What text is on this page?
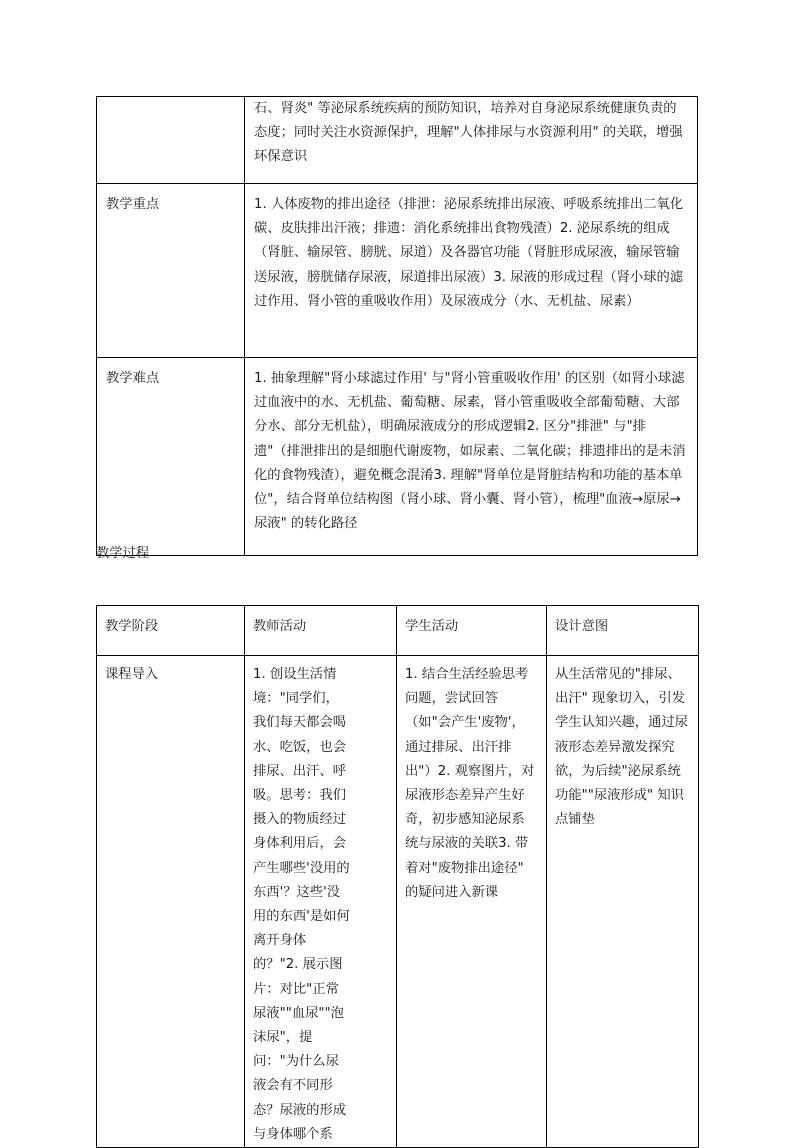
	石、肾炎" 等泌尿系统疾病的预防知识，培养对自身泌尿系统健康负责的态度；同时关注水资源保护，理解"人体排尿与水资源利用" 的关联，增强环保意识
教学重点	1. 人体废物的排出途径（排泄：泌尿系统排出尿液、呼吸系统排出二氧化碳、皮肤排出汗液；排遗：消化系统排出食物残渣）2. 泌尿系统的组成（肾脏、输尿管、膀胱、尿道）及各器官功能（肾脏形成尿液，输尿管输送尿液，膀胱储存尿液，尿道排出尿液）3. 尿液的形成过程（肾小球的滤过作用、肾小管的重吸收作用）及尿液成分（水、无机盐、尿素）
教学难点	1. 抽象理解"肾小球滤过作用' 与"肾小管重吸收作用' 的区别（如肾小球滤过血液中的水、无机盐、葡萄糖、尿素，肾小管重吸收全部葡萄糖、大部分水、部分无机盐），明确尿液成分的形成逻辑2. 区分"排泄" 与"排遗"（排泄排出的是细胞代谢废物，如尿素、二氧化碳；排遗排出的是未消化的食物残渣），避免概念混淆3. 理解"肾单位是肾脏结构和功能的基本单位"，结合肾单位结构图（肾小球、肾小囊、肾小管），梳理"血液→原尿→尿液" 的转化路径

教学过程

教学阶段	教师活动	学生活动	设计意图
课程导入	1. 创设生活情境："同学们，我们每天都会喝水、吃饭，也会排尿、出汗、呼吸。思考：我们摄入的物质经过身体利用后，会产生哪些'没用的东西'？这些'没用的东西'是如何离开身体的？"2. 展示图片：对比"正常尿液""血尿""泡沫尿"，提问："为什么尿液会有不同形态？尿液的形成与身体哪个系	1. 结合生活经验思考问题，尝试回答（如"会产生'废物'，通过排尿、出汗排出"）2. 观察图片，对尿液形态差异产生好奇，初步感知泌尿系统与尿液的关联3. 带着对"废物排出途径" 的疑问进入新课	从生活常见的"排尿、出汗" 现象切入，引发学生认知兴趣，通过尿液形态差异激发探究欲，为后续"泌尿系统功能""尿液形成" 知识点铺垫
